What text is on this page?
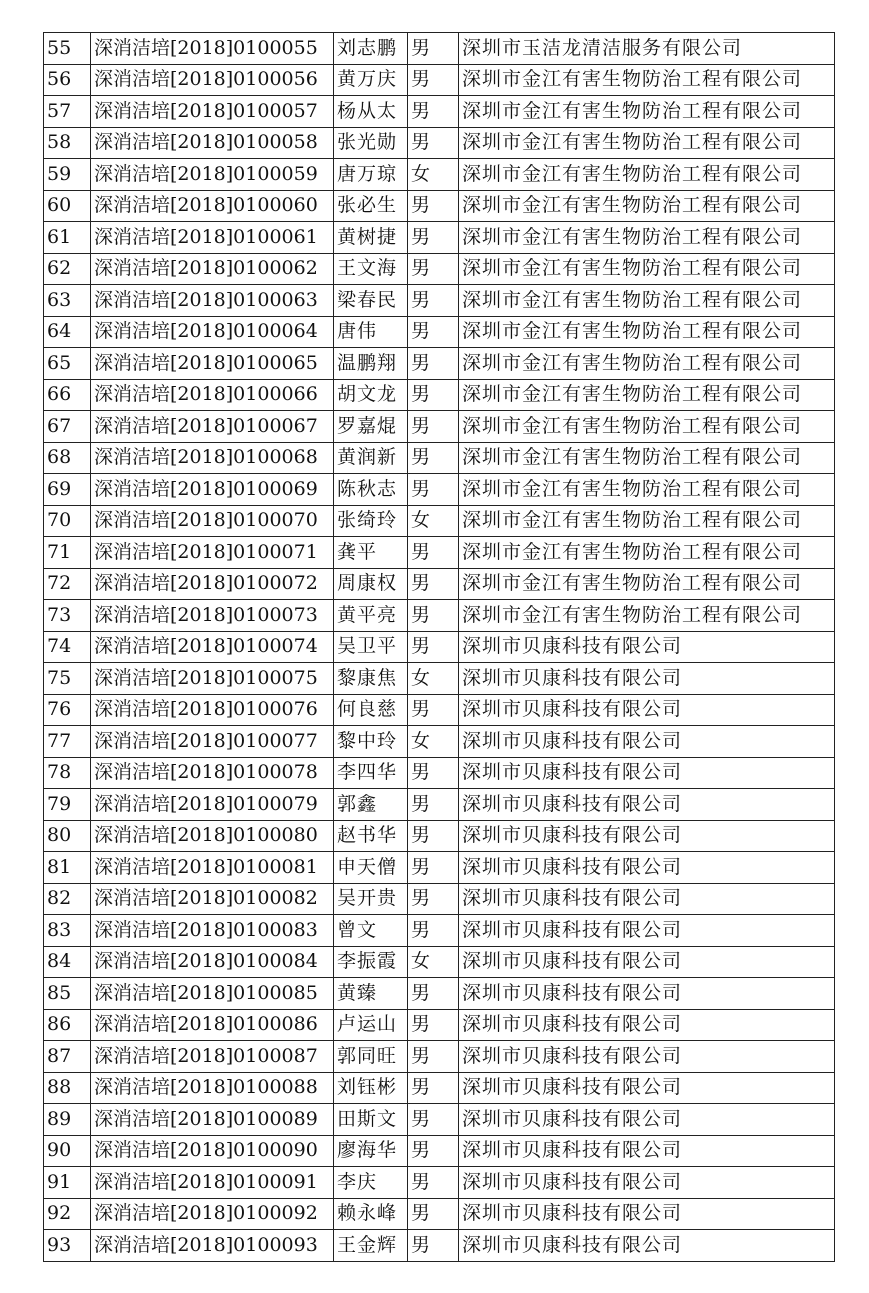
55	深消洁培[2018]0100055	刘志鹏	男	深圳市玉洁龙清洁服务有限公司
56	深消洁培[2018]0100056	黄万庆	男	深圳市金江有害生物防治工程有限公司
57	深消洁培[2018]0100057	杨从太	男	深圳市金江有害生物防治工程有限公司
58	深消洁培[2018]0100058	张光勋	男	深圳市金江有害生物防治工程有限公司
59	深消洁培[2018]0100059	唐万琼	女	深圳市金江有害生物防治工程有限公司
60	深消洁培[2018]0100060	张必生	男	深圳市金江有害生物防治工程有限公司
61	深消洁培[2018]0100061	黄树捷	男	深圳市金江有害生物防治工程有限公司
62	深消洁培[2018]0100062	王文海	男	深圳市金江有害生物防治工程有限公司
63	深消洁培[2018]0100063	梁春民	男	深圳市金江有害生物防治工程有限公司
64	深消洁培[2018]0100064	唐伟	男	深圳市金江有害生物防治工程有限公司
65	深消洁培[2018]0100065	温鹏翔	男	深圳市金江有害生物防治工程有限公司
66	深消洁培[2018]0100066	胡文龙	男	深圳市金江有害生物防治工程有限公司
67	深消洁培[2018]0100067	罗嘉焜	男	深圳市金江有害生物防治工程有限公司
68	深消洁培[2018]0100068	黄润新	男	深圳市金江有害生物防治工程有限公司
69	深消洁培[2018]0100069	陈秋志	男	深圳市金江有害生物防治工程有限公司
70	深消洁培[2018]0100070	张绮玲	女	深圳市金江有害生物防治工程有限公司
71	深消洁培[2018]0100071	龚平	男	深圳市金江有害生物防治工程有限公司
72	深消洁培[2018]0100072	周康权	男	深圳市金江有害生物防治工程有限公司
73	深消洁培[2018]0100073	黄平亮	男	深圳市金江有害生物防治工程有限公司
74	深消洁培[2018]0100074	吴卫平	男	深圳市贝康科技有限公司
75	深消洁培[2018]0100075	黎康焦	女	深圳市贝康科技有限公司
76	深消洁培[2018]0100076	何良慈	男	深圳市贝康科技有限公司
77	深消洁培[2018]0100077	黎中玲	女	深圳市贝康科技有限公司
78	深消洁培[2018]0100078	李四华	男	深圳市贝康科技有限公司
79	深消洁培[2018]0100079	郭鑫	男	深圳市贝康科技有限公司
80	深消洁培[2018]0100080	赵书华	男	深圳市贝康科技有限公司
81	深消洁培[2018]0100081	申天僧	男	深圳市贝康科技有限公司
82	深消洁培[2018]0100082	吴开贵	男	深圳市贝康科技有限公司
83	深消洁培[2018]0100083	曾文	男	深圳市贝康科技有限公司
84	深消洁培[2018]0100084	李振霞	女	深圳市贝康科技有限公司
85	深消洁培[2018]0100085	黄臻	男	深圳市贝康科技有限公司
86	深消洁培[2018]0100086	卢运山	男	深圳市贝康科技有限公司
87	深消洁培[2018]0100087	郭同旺	男	深圳市贝康科技有限公司
88	深消洁培[2018]0100088	刘钰彬	男	深圳市贝康科技有限公司
89	深消洁培[2018]0100089	田斯文	男	深圳市贝康科技有限公司
90	深消洁培[2018]0100090	廖海华	男	深圳市贝康科技有限公司
91	深消洁培[2018]0100091	李庆	男	深圳市贝康科技有限公司
92	深消洁培[2018]0100092	赖永峰	男	深圳市贝康科技有限公司
93	深消洁培[2018]0100093	王金辉	男	深圳市贝康科技有限公司
